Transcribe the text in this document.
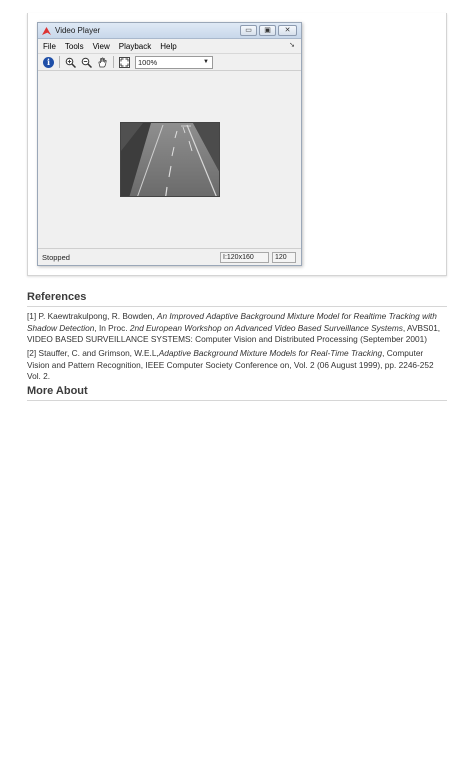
Video Player	▭	▣	✕
File Tools View Playback Help	➘
i	100%	▼
Stopped	I:120x160	120
References
[1] P. Kaewtrakulpong, R. Bowden, An Improved Adaptive Background Mixture Model for Realtime Tracking with Shadow Detection, In Proc. 2nd European Workshop on Advanced Video Based Surveillance Systems, AVBS01, VIDEO BASED SURVEILLANCE SYSTEMS: Computer Vision and Distributed Processing (September 2001)
[2] Stauffer, C. and Grimson, W.E.L,Adaptive Background Mixture Models for Real-Time Tracking, Computer Vision and Pattern Recognition, IEEE Computer Society Conference on, Vol. 2 (06 August 1999), pp. 2246-252 Vol. 2.
More About
